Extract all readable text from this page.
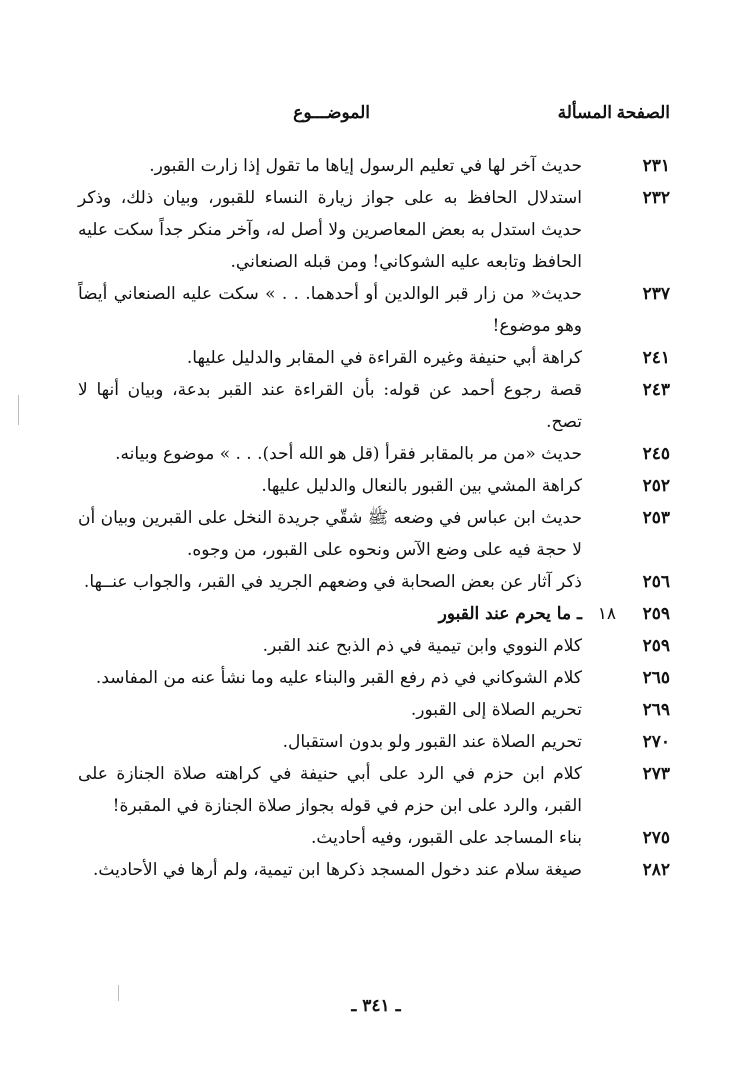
الصفحة
المسألة
الموضـــوع
٢٣١
حديث آخر لها في تعليم الرسول إياها ما تقول إذا زارت القبور.
٢٣٢
استدلال الحافظ به على جواز زيارة النساء للقبور، وبيان ذلك، وذكر حديث استدل به بعض المعاصرين ولا أصل له، وآخر منكر جداً سكت عليه الحافظ وتابعه عليه الشوكاني! ومن قبله الصنعاني.
٢٣٧
حديث« من زار قبر الوالدين أو أحدهما. . . » سكت عليه الصنعاني أيضاً وهو موضوع!
٢٤١
كراهة أبي حنيفة وغيره القراءة في المقابر والدليل عليها.
٢٤٣
قصة رجوع أحمد عن قوله: بأن القراءة عند القبر بدعة، وبيان أنها لا تصح.
٢٤٥
حديث «من مر بالمقابر فقرأ (قل هو الله أحد). . . » موضوع وبيانه.
٢٥٢
كراهة المشي بين القبور بالنعال والدليل عليها.
٢٥٣
حديث ابن عباس في وضعه ﷺ شقّي جريدة النخل على القبرين وبيان أن لا حجة فيه على وضع الآس ونحوه على القبور، من وجوه.
٢٥٦
ذكر آثار عن بعض الصحابة في وضعهم الجريد في القبر، والجواب عنــها.
٢٥٩
١٨
ـ ما يحرم عند القبور
٢٥٩
كلام النووي وابن تيمية في ذم الذبح عند القبر.
٢٦٥
كلام الشوكاني في ذم رفع القبر والبناء عليه وما نشأ عنه من المفاسد.
٢٦٩
تحريم الصلاة إلى القبور.
٢٧٠
تحريم الصلاة عند القبور ولو بدون استقبال.
٢٧٣
كلام ابن حزم في الرد على أبي حنيفة في كراهته صلاة الجنازة على القبر، والرد على ابن حزم في قوله بجواز صلاة الجنازة في المقبرة!
٢٧٥
بناء المساجد على القبور، وفيه أحاديث.
٢٨٢
صيغة سلام عند دخول المسجد ذكرها ابن تيمية، ولم أرها في الأحاديث.
ـ ٣٤١ ـ
